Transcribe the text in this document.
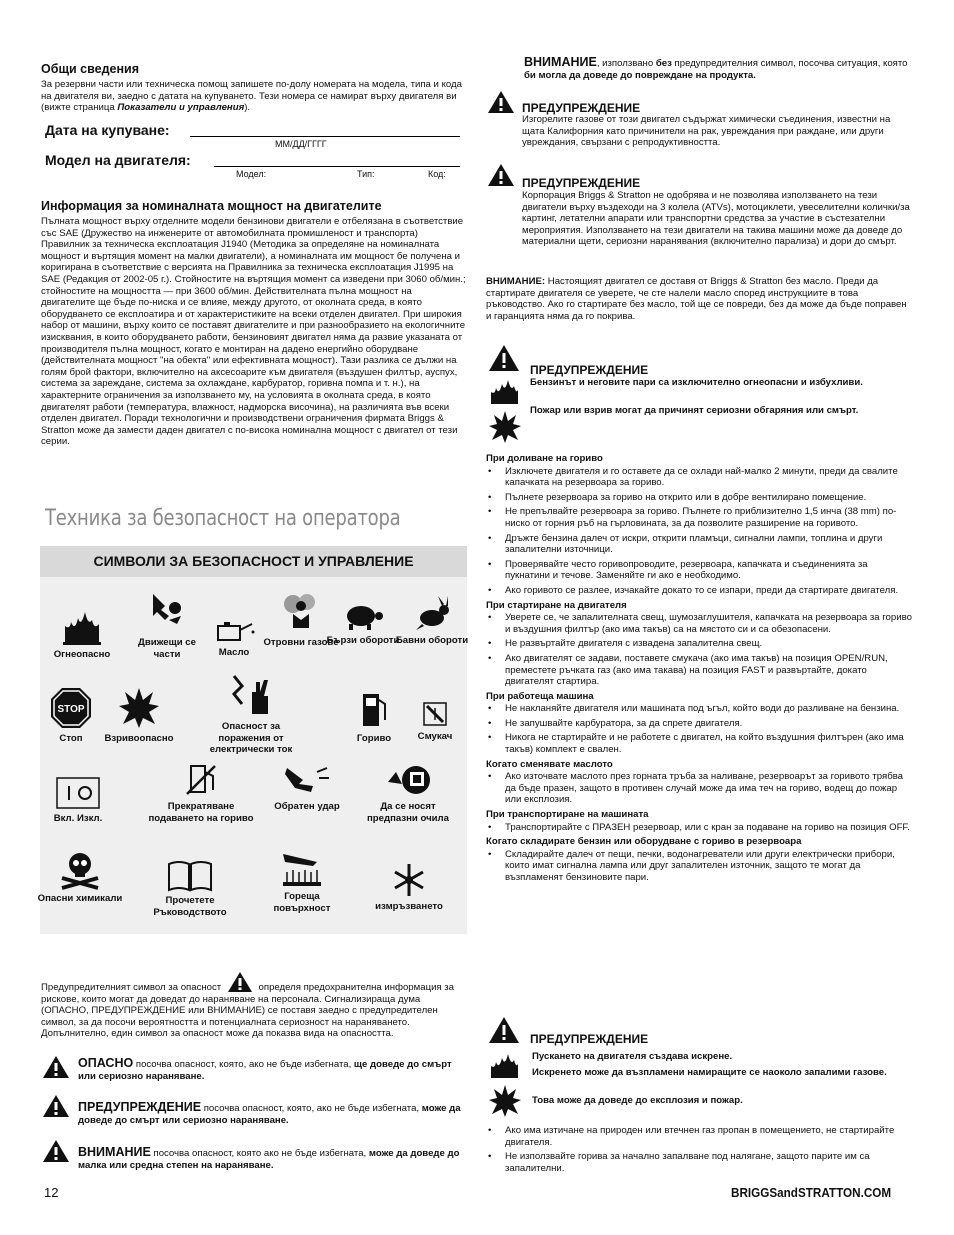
Общи сведения
За резервни части или техническа помощ запишете по-долу номерата на модела, типа и кода на двигателя ви, заедно с датата на купуването. Тези номера се намират върху двигателя ви (вижте страница Показатели и управления).
Дата на купуване:
ММ/ДД/ГГГГ
Модел на двигателя:
Модел:	Тип:	Код:
Информация за номиналната мощност на двигателите
Пълната мощност върху отделните модели бензинови двигатели е отбелязана в съответствие със SAE (Дружество на инженерите от автомобилната промишленост и транспорта) Правилник за техническа експлоатация J1940 (Методика за определяне на номиналната мощност и въртящия момент на малки двигатели), а номиналната им мощност бе получена и коригирана в съответствие с версията на Правилника за техническа експлоатация J1995 на SAE (Редакция от 2002-05 г.). Стойностите на въртящия момент са изведени при 3060 об/мин.; стойностите на мощността — при 3600 об/мин. Действителната пълна мощност на двигателите ще бъде по-ниска и се влияе, между другото, от околната среда, в която оборудването се експлоатира и от характеристиките на всеки отделен двигател. При широкия набор от машини, върху които се поставят двигателите и при разнообразието на екологичните изисквания, в които оборудването работи, бензиновият двигател няма да развие указаната от производителя пълна мощност, когато е монтиран на дадено енергийно оборудване (действителната мощност "на обекта" или ефективната мощност). Тази разлика се дължи на голям брой фактори, включително на аксесоарите към двигателя (въздушен филтър, ауспух, система за зареждане, система за охлаждане, карбуратор, горивна помпа и т. н.), на характерните ограничения за използването му, на условията в околната среда, в която двигателят работи (температура, влажност, надморска височина), на различията във всеки отделен двигател. Поради технологични и производствени ограничения фирмата Briggs & Stratton може да замести даден двигател с по-висока номинална мощност с двигател от тези серии.
Техника за безопасност на оператора
СИМВОЛИ ЗА БЕЗОПАСНОСТ И УПРАВЛЕНИЕ
Огнеопасно
Движещи се части	Масло
Отровни газове
Бързи обороти
Бавни обороти
STOP
Стоп	Взривоопасно
Опасност за поражения от електрически ток
Гориво	Смукач
Вкл. Изкл.
Прекратяване подаването на гориво
Обратен удар	Да се носят предпазни очила
Опасни химикали	Прочетете Ръководството
Гореща повърхност	измръзването
Предупредителният символ за опасност	определя предохранителна информация за рисковe, които могат да доведат до нараняване на персонала. Сигнализираща дума (ОПАСНО, ПРЕДУПРЕЖДЕНИЕ или ВНИМАНИЕ) се поставя заедно с предупредителен символ, за да посочи вероятността и потенциалната сериозност на нараняването. Допълнително, един символ за опасност може да показва вида на опасността.
ОПАСНО посочва опасност, която, ако не бъде избегната, ще доведе до смърт или сериозно нараняване.
ПРЕДУПРЕЖДЕНИЕ посочва опасност, която, ако не бъде избегната, може да доведе до смърт или сериозно нараняване.
ВНИМАНИЕ посочва опасност, която ако не бъде избегната, може да доведе до малка или средна степен на нараняване.
ВНИМАНИЕ, използвано без предупредителния символ, посочва ситуация, която би могла да доведе до повреждане на продукта.
ПРЕДУПРЕЖДЕНИЕ
Изгорелите газове от този двигател съдържат химически съединения, известни на щата Калифорния като причинители на рак, увреждания при раждане, или други увреждания, свързани с репродуктивността.
ПРЕДУПРЕЖДЕНИЕ
Корпорация Briggs & Stratton не одобрява и не позволява използването на тези двигатели върху въздеходи на 3 колела (ATVs), мотоциклети, увеселителни колички/за картинг, летателни апарати или транспортни средства за участие в състезателни мероприятия. Използването на тези двигатели на такива машини може да доведе до материални щети, сериозни наранявания (включително парализа) и дори до смърт.
ВНИМАНИЕ: Настоящият двигател се доставя от Briggs & Stratton без масло. Преди да стартирате двигателя се уверете, че сте налели масло според инструкциите в това ръководство. Ако го стартирате без масло, той ще се повреди, без да може да бъде поправен и гаранцията няма да го покрива.
ПРЕДУПРЕЖДЕНИЕ
Бензинът и неговите пари са изключително огнеопасни и избухливи.
Пожар или взрив могат да причинят сериозни обгаряния или смърт.
При доливане на гориво
• Изключете двигателя и го оставете да се охлади най-малко 2 минути, преди да свалите капачката на резервоара за гориво.
• Пълнете резервоара за гориво на открито или в добре вентилирано помещение.
• Не препълвайте резервоара за гориво. Пълнете го приблизително 1,5 инча (38 mm) по-ниско от горния ръб на гърловината, за да позволите разширение на горивото.
• Дръжте бензина далеч от искри, открити пламъци, сигнални лампи, топлина и други запалителни източници.
• Проверявайте често горивопроводите, резервоара, капачката и съединенията за пукнатини и течове. Заменяйте ги ако е необходимо.
• Ако горивото се разлее, изчакайте докато то се изпари, преди да стартирате двигателя.
При стартиране на двигателя
• Уверете се, че запалителната свещ, шумозаглушителя, капачката на резервоара за гориво и въздушния филтър (ако има такъв) са на мястото си и са обезопасени.
• Не развъртайте двигателя с извадена запалителна свещ.
• Ако двигателят се задави, поставете смукача (ако има такъв) на позиция OPEN/RUN, преместете ръчката газ (ако има такава) на позиция FAST и развъртайте, докато двигателят стартира.
При работеща машина
• Не накланяйте двигателя или машината под ъгъл, който води до разливане на бензина.
• Не запушвайте карбуратора, за да спрете двигателя.
• Никога не стартирайте и не работете с двигател, на който въздушния филтърен (ако има такъв) комплект е свален.
Когато сменявате маслото
• Ако източвате маслото през горната тръба за наливане, резервоарът за горивото трябва да бъде празен, защото в противен случай може да има теч на гориво, водещ до пожар или експлозия.
При транспортиране на машината
• Транспортирайте с ПРАЗЕН резервоар, или с кран за подаване на гориво на позиция OFF.
Когато складирате бензин или оборудване с гориво в резервоара
• Складирайте далеч от пещи, печки, водонагреватели или други електрически прибори, които имат сигнална лампа или друг запалителен източник, защото те могат да възпламенят бензиновите пари.
ПРЕДУПРЕЖДЕНИЕ
Пускането на двигателя създава искрене.
Искренето може да възпламени намиращите се наоколо запалими газове.
Това може да доведе до експлозия и пожар.
• Ако има изтичане на природен или втечнен газ пропан в помещението, не стартирайте двигателя.
• Не използвайте горива за начално запалване под налягане, защото парите им са запалителни.
12	BRIGGSandSTRATTON.COM
